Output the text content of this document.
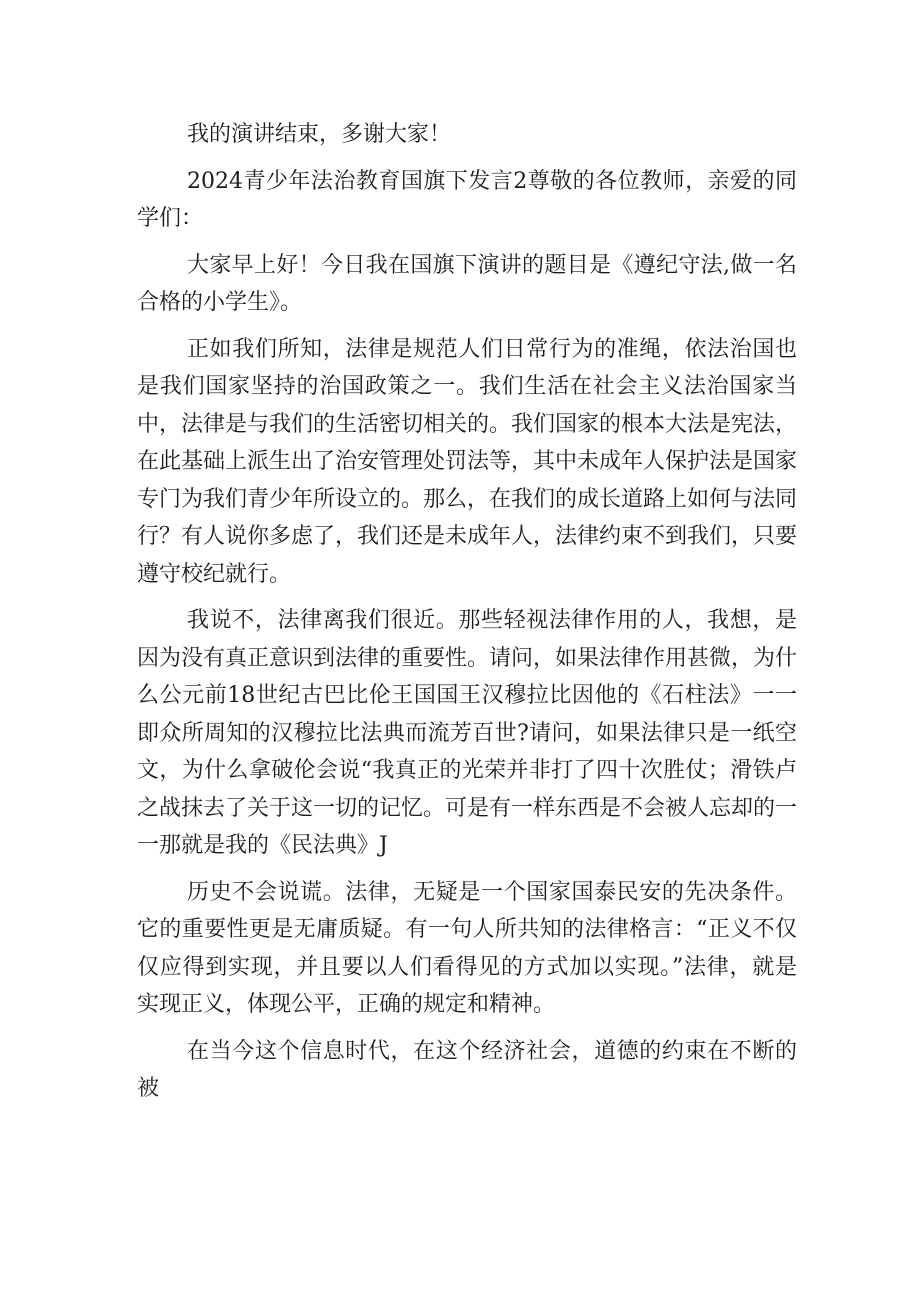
我的演讲结束，多谢大家！

2024青少年法治教育国旗下发言2尊敬的各位教师，亲爱的同学们：

大家早上好！今日我在国旗下演讲的题目是《遵纪守法,做一名合格的小学生》。

正如我们所知，法律是规范人们日常行为的准绳，依法治国也是我们国家坚持的治国政策之一。我们生活在社会主义法治国家当中，法律是与我们的生活密切相关的。我们国家的根本大法是宪法，在此基础上派生出了治安管理处罚法等，其中未成年人保护法是国家专门为我们青少年所设立的。那么，在我们的成长道路上如何与法同行？有人说你多虑了，我们还是未成年人，法律约束不到我们，只要遵守校纪就行。

我说不，法律离我们很近。那些轻视法律作用的人，我想，是因为没有真正意识到法律的重要性。请问，如果法律作用甚微，为什么公元前18世纪古巴比伦王国国王汉穆拉比因他的《石柱法》一一即众所周知的汉穆拉比法典而流芳百世?请问，如果法律只是一纸空文，为什么拿破伦会说“我真正的光荣并非打了四十次胜仗；滑铁卢之战抹去了关于这一切的记忆。可是有一样东西是不会被人忘却的一一那就是我的《民法典》J

历史不会说谎。法律，无疑是一个国家国泰民安的先决条件。它的重要性更是无庸质疑。有一句人所共知的法律格言：“正义不仅仅应得到实现，并且要以人们看得见的方式加以实现。”法律，就是实现正义，体现公平，正确的规定和精神。

在当今这个信息时代，在这个经济社会，道德的约束在不断的被
